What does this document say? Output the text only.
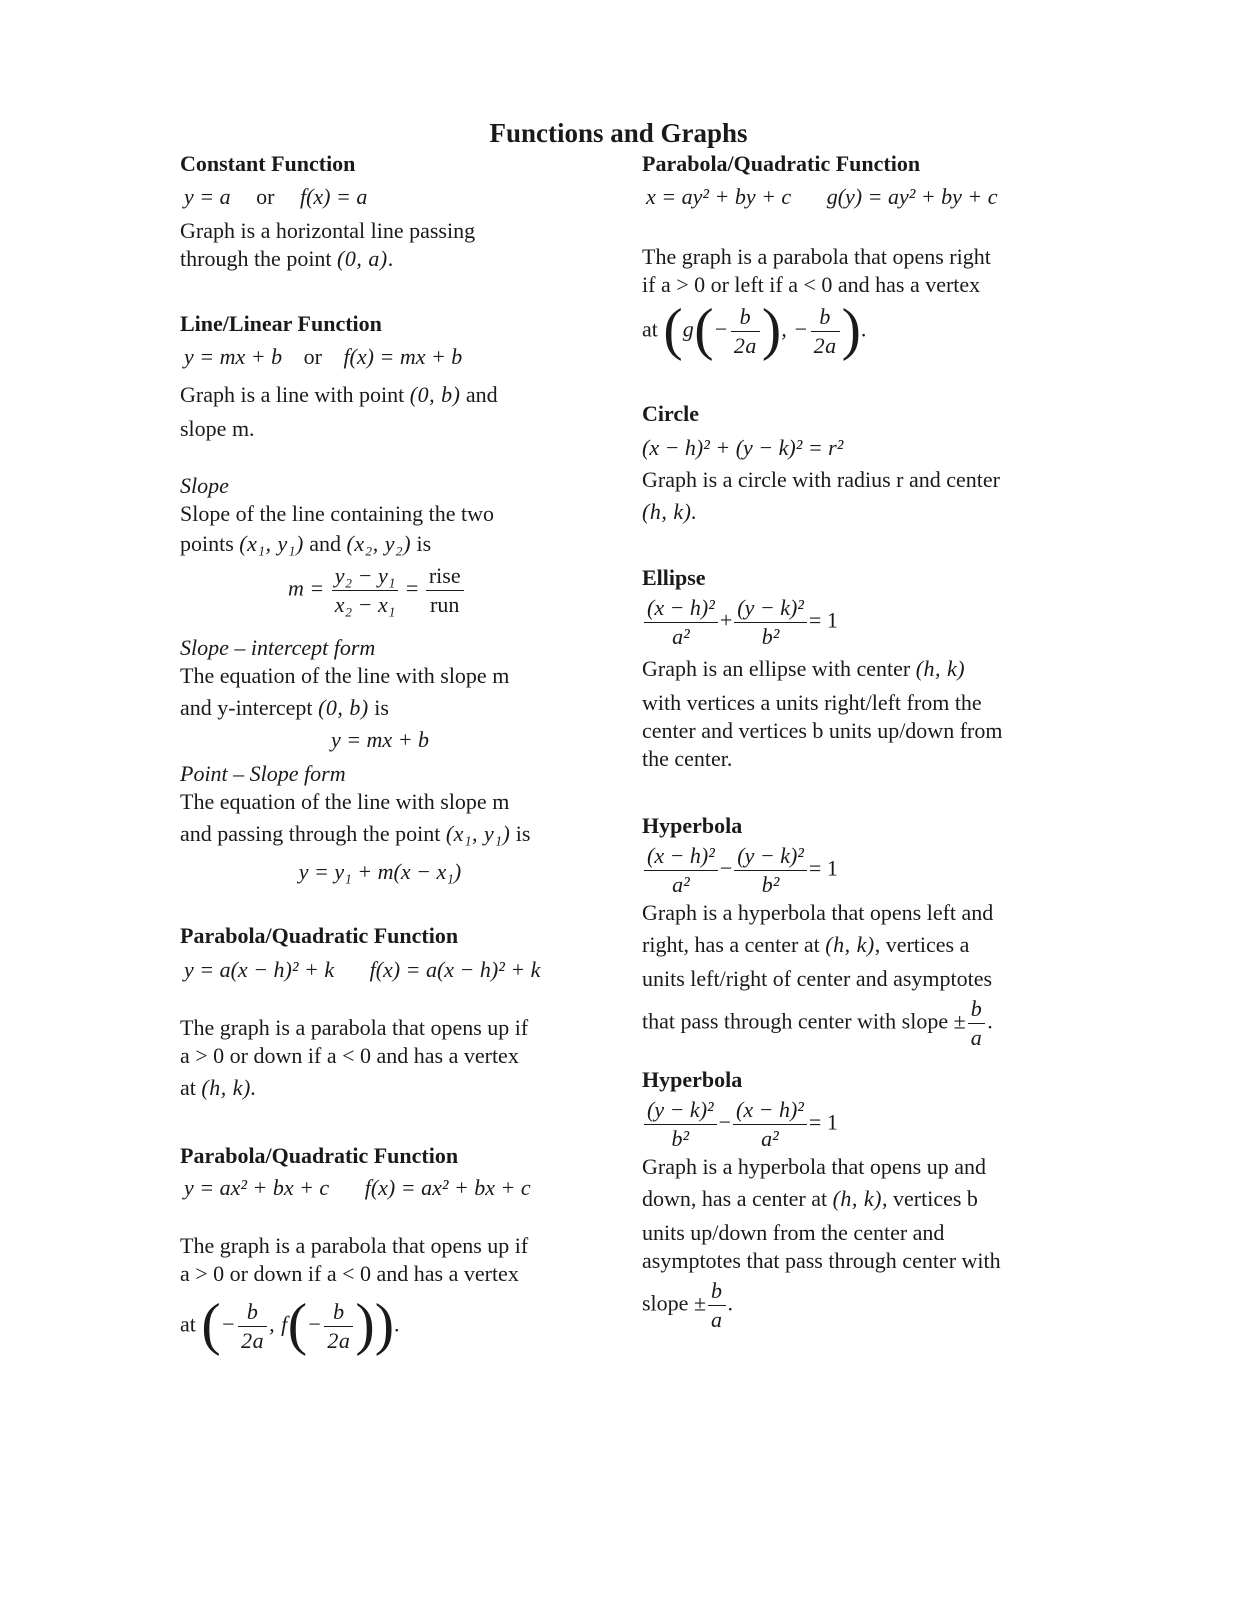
Functions and Graphs
Constant Function
y = a or f(x) = a
Graph is a horizontal line passing
through the point (0, a).
Line/Linear Function
y = mx + b or f(x) = mx + b
Graph is a line with point (0, b) and
slope m.
Slope
Slope of the line containing the two
points (x₁, y₁) and (x₂, y₂) is
$m = \frac{\text{y₂ − y₁}}{\text{x₂ − x₁}} = \frac{\text{rise}}{\text{run}}$
Slope – intercept form
The equation of the line with slope m
and y-intercept (0, b) is
y = mx + b
Point – Slope form
The equation of the line with slope m
and passing through the point (x₁, y₁) is
y = y₁ + m(x − x₁)
Parabola/Quadratic Function
y = a(x − h)² + k f(x) = a(x − h)² + k
The graph is a parabola that opens up if
a > 0 or down if a < 0 and has a vertex
at (h, k).
Parabola/Quadratic Function
y = ax² + bx + c f(x) = ax² + bx + c
The graph is a parabola that opens up if
a > 0 or down if a < 0 and has a vertex
at (− $\frac{b}{2a}$ , $f(- \frac{b}{2a}$ )).
Parabola/Quadratic Function
x = ay² + by + c g(y) = ay² + by + c
The graph is a parabola that opens right
if a > 0 or left if a < 0 and has a vertex
at ($g(- \frac{b}{2a}$ ), − $\frac{b}{2a}$ ).
Circle
(x − h)² + (y − k)² = r²
Graph is a circle with radius r and center
(h, k).
Ellipse
$\frac{\text{(x − h)²}}{\text{a²}} + \frac{\text{(y − k)²}}{\text{b²}} = 1$
Graph is an ellipse with center (h, k)
with vertices a units right/left from the
center and vertices b units up/down from
the center.
Hyperbola
$\frac{\text{(x − h)²}}{\text{a²}} - \frac{\text{(y − k)²}}{\text{b²}} = 1$
Graph is a hyperbola that opens left and
right, has a center at (h, k), vertices a
units left/right of center and asymptotes
that pass through center with slope ± $\frac{b}{a}$ .
Hyperbola
$\frac{\text{(y − k)²}}{\text{b²}} - \frac{\text{(x − h)²}}{\text{a²}} = 1$
Graph is a hyperbola that opens up and
down, has a center at (h, k), vertices b
units up/down from the center and
asymptotes that pass through center with
slope ± $\frac{b}{a}$ .
